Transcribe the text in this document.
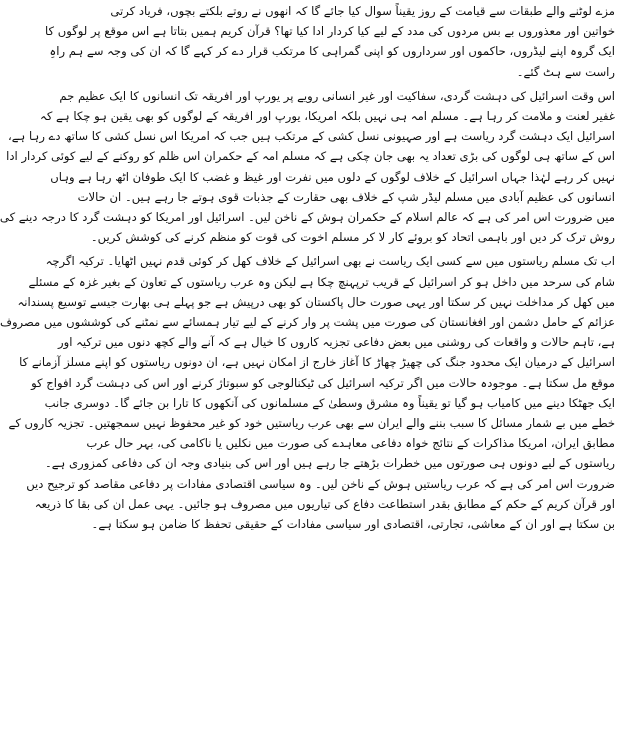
مزے لوٹنے والے طبقات سے قیامت کے روز یقیناً سوال کیا جائے گا کہ انھوں نے روتے بلکتے بچوں، فریاد کرتی
خواتین اور معذوروں بے بس مردوں کی مدد کے لیے کیا کردار ادا کیا تھا؟ قرآن کریم ہمیں بتاتا ہے اس موقع پر لوگوں کا
ایک گروہ اپنے لیڈروں، حاکموں اور سرداروں کو اپنی گمراہی کا مرتکب قرار دے کر کہے گا کہ ان کی وجہ سے ہم راہِ
راست سے ہٹ گئے۔

اس وقت اسرائیل کی دہشت گردی، سفاکیت اور غیر انسانی رویے پر یورپ اور افریقہ تک انسانوں کا ایک عظیم جم
غفیر لعنت و ملامت کر رہا ہے۔ مسلم امہ ہی نہیں بلکہ امریکا، یورپ اور افریقہ کے لوگوں کو بھی یقین ہو چکا ہے کہ
اسرائیل ایک دہشت گرد ریاست ہے اور صہیونی نسل کشی کے مرتکب ہیں جب کہ امریکا اس نسل کشی کا ساتھ دے رہا ہے،
اس کے ساتھ ہی لوگوں کی بڑی تعداد یہ بھی جان چکی ہے کہ مسلم امہ کے حکمران اس ظلم کو روکنے کے لیے کوئی کردار ادا
نہیں کر رہے لہٰذا جہاں اسرائیل کے خلاف لوگوں کے دلوں میں نفرت اور غیظ و غضب کا ایک طوفان اٹھ رہا ہے وہاں
انسانوں کی عظیم آبادی میں مسلم لیڈر شپ کے خلاف بھی حقارت کے جذبات قوی ہوتے جا رہے ہیں۔ ان حالات
میں ضرورت اس امر کی ہے کہ عالم اسلام کے حکمران ہوش کے ناخن لیں۔ اسرائیل اور امریکا کو دہشت گرد کا درجہ دینے کی
روش ترک کر دیں اور باہمی اتحاد کو بروئے کار لا کر مسلم اخوت کی قوت کو منظم کرنے کی کوشش کریں۔

اب تک مسلم ریاستوں میں سے کسی ایک ریاست نے بھی اسرائیل کے خلاف کھل کر کوئی قدم نہیں اٹھایا۔ ترکیہ اگرچہ
شام کی سرحد میں داخل ہو کر اسرائیل کے قریب ترپہنچ چکا ہے لیکن وہ عرب ریاستوں کے تعاون کے بغیر غزہ کے مسئلے
میں کھل کر مداخلت نہیں کر سکتا اور یہی صورت حال پاکستان کو بھی درپیش ہے جو پہلے ہی بھارت جیسے توسیع پسندانہ
عزائم کے حامل دشمن اور افغانستان کی صورت میں پشت پر وار کرنے کے لیے تیار ہمسائے سے نمٹنے کی کوششوں میں مصروف
ہے، تاہم حالات و واقعات کی روشنی میں بعض دفاعی تجزیہ کاروں کا خیال ہے کہ آنے والے کچھ دنوں میں ترکیہ اور
اسرائیل کے درمیان ایک محدود جنگ کی چھیڑ چھاڑ کا آغاز خارج از امکان نہیں ہے، ان دونوں ریاستوں کو اپنے مسلز آزمانے کا
موقع مل سکتا ہے۔ موجودہ حالات میں اگر ترکیہ اسرائیل کی ٹیکنالوجی کو سبوتاژ کرنے اور اس کی دہشت گرد افواج کو
ایک جھٹکا دینے میں کامیاب ہو گیا تو یقیناً وہ مشرق وسطیٰ کے مسلمانوں کی آنکھوں کا تارا بن جائے گا۔ دوسری جانب
خطے میں بے شمار مسائل کا سبب بننے والے ایران سے بھی عرب ریاستیں خود کو غیر محفوظ نہیں سمجھتیں۔ تجزیہ کاروں کے
مطابق ایران، امریکا مذاکرات کے نتائج خواہ دفاعی معاہدے کی صورت میں نکلیں یا ناکامی کی، بہر حال عرب
ریاستوں کے لیے دونوں ہی صورتوں میں خطرات بڑھتے جا رہے ہیں اور اس کی بنیادی وجہ ان کی دفاعی کمزوری ہے۔
ضرورت اس امر کی ہے کہ عرب ریاستیں ہوش کے ناخن لیں۔ وہ سیاسی اقتصادی مفادات پر دفاعی مقاصد کو ترجیح دیں
اور قرآن کریم کے حکم کے مطابق بقدر استطاعت دفاع کی تیاریوں میں مصروف ہو جائیں۔ یہی عمل ان کی بقا کا ذریعہ
بن سکتا ہے اور ان کے معاشی، تجارتی، اقتصادی اور سیاسی مفادات کے حقیقی تحفظ کا ضامن ہو سکتا ہے۔
